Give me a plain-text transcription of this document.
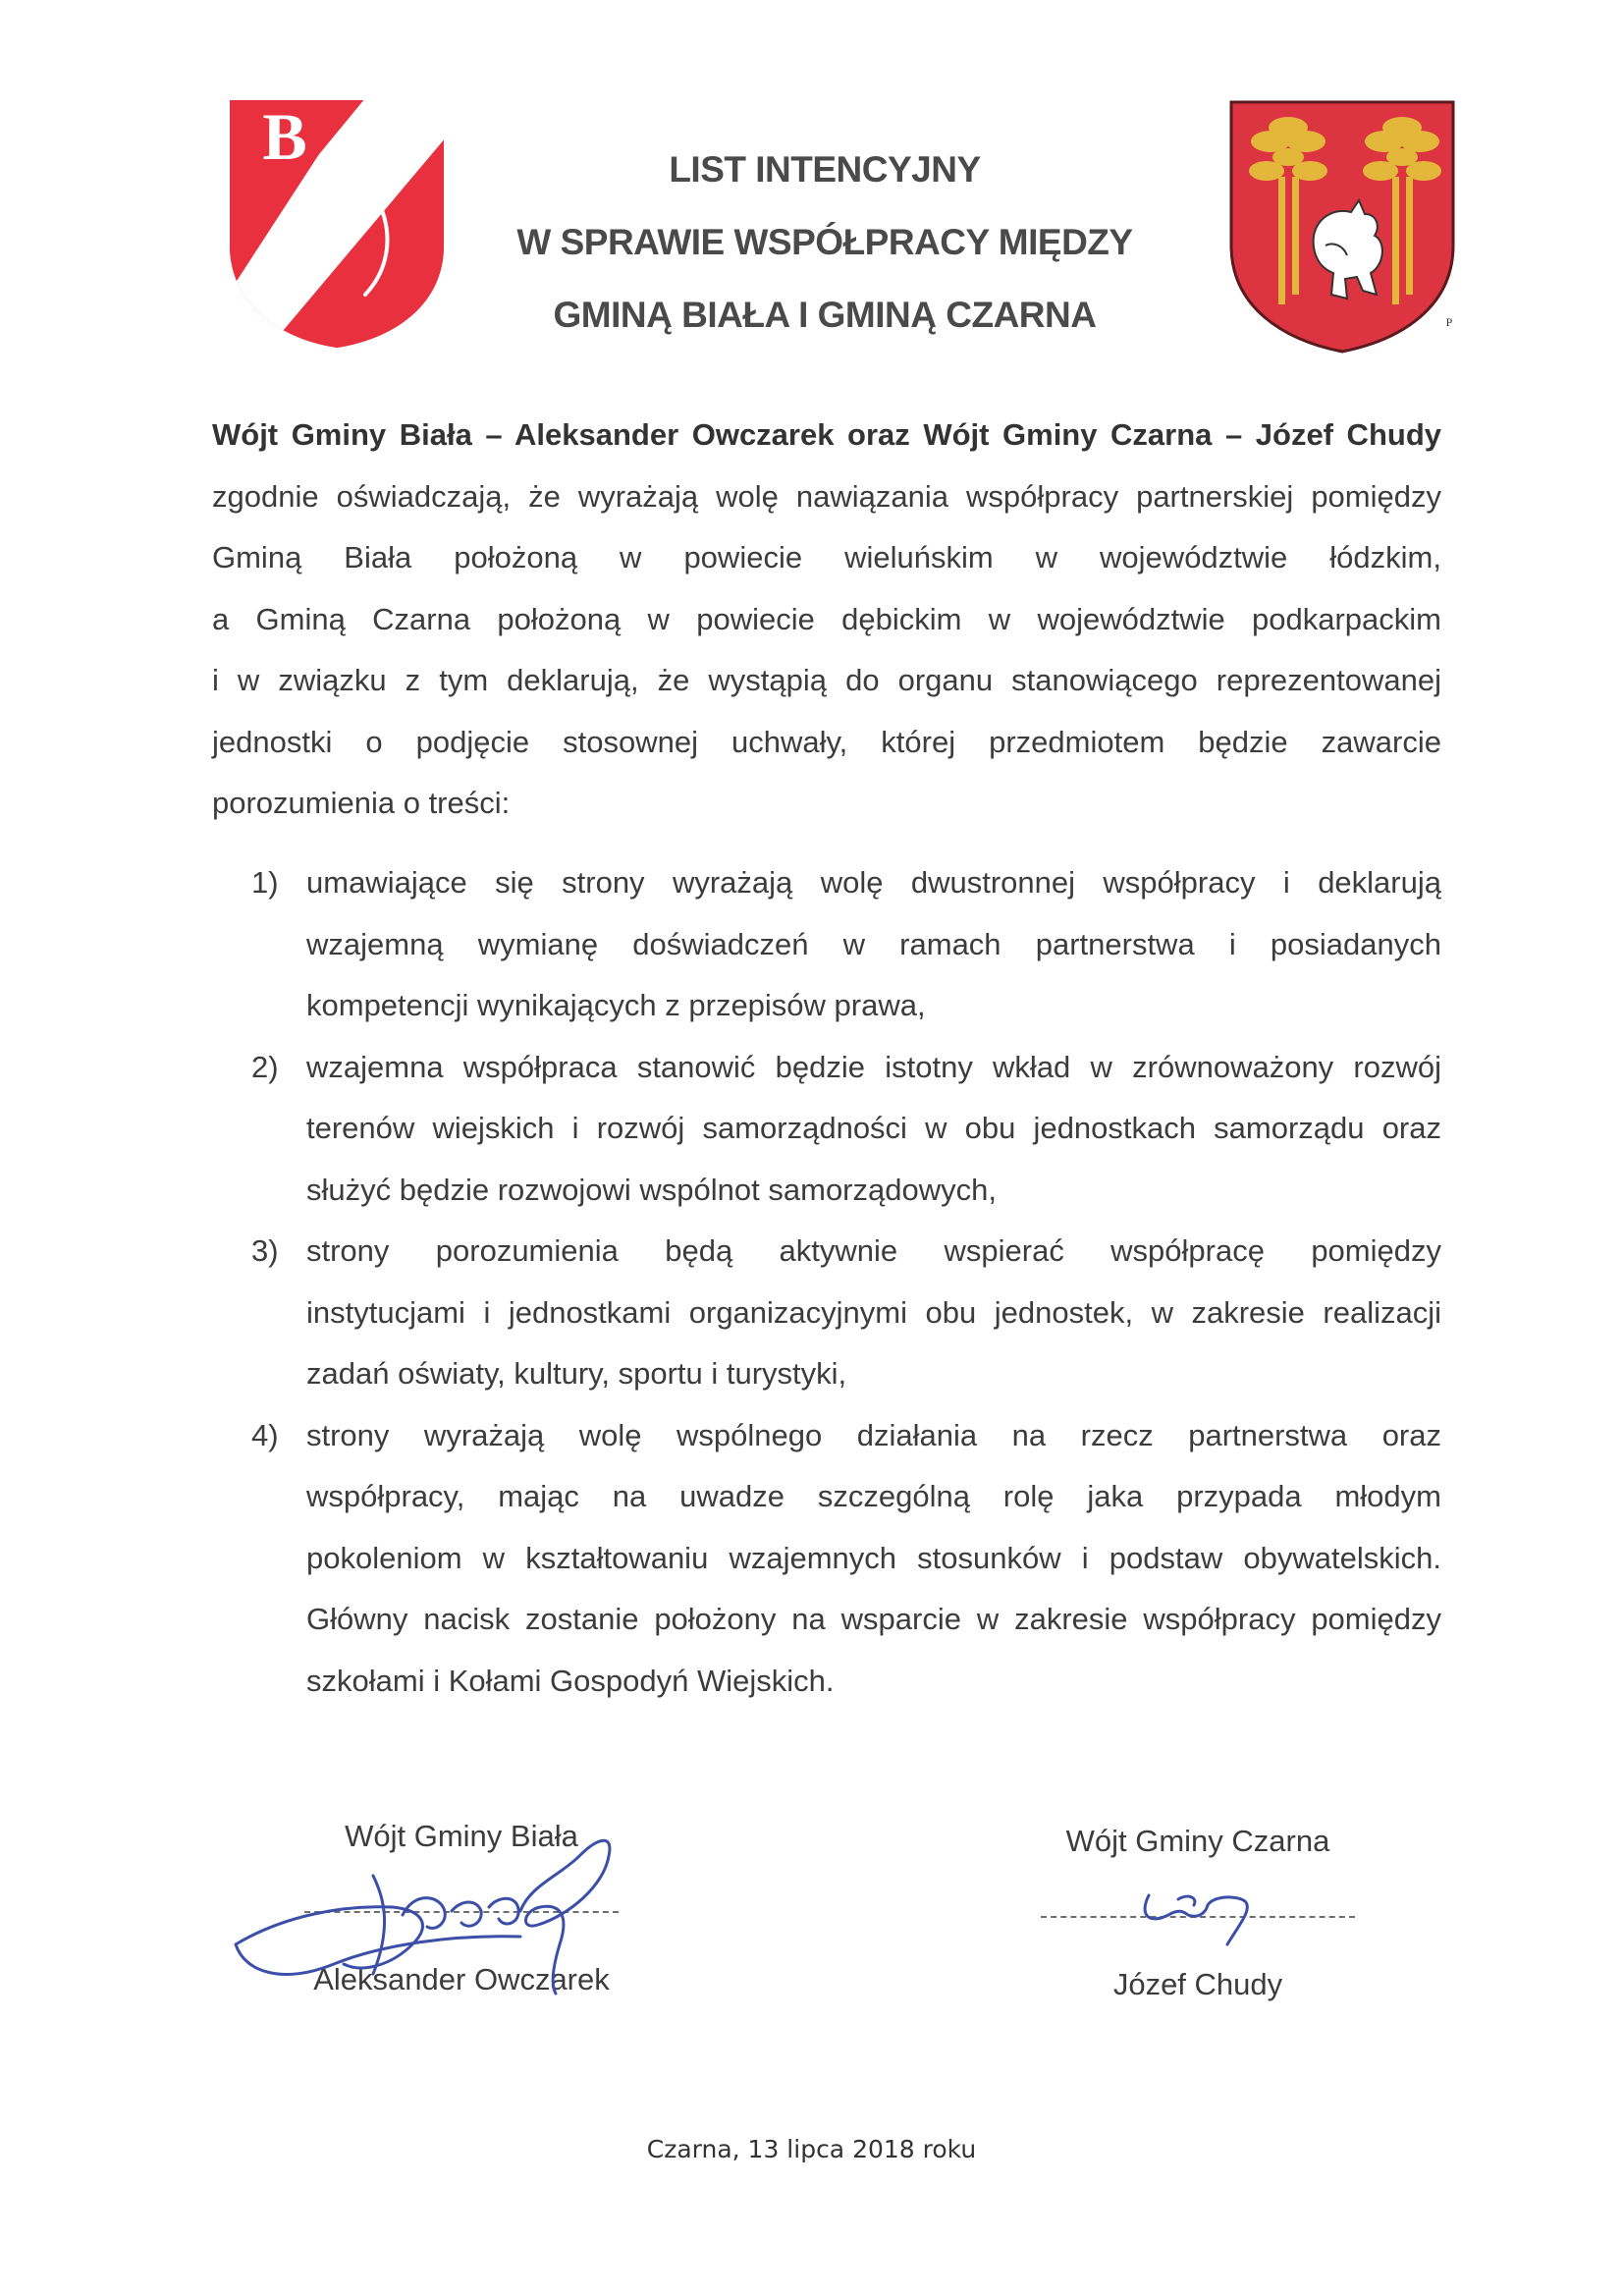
B
P
LIST INTENCYJNY
W SPRAWIE WSPÓŁPRACY MIĘDZY
GMINĄ BIAŁA I GMINĄ CZARNA
Wójt Gminy Biała – Aleksander Owczarek oraz Wójt Gminy Czarna – Józef Chudy
zgodnie oświadczają, że wyrażają wolę nawiązania współpracy partnerskiej pomiędzy
Gminą Biała położoną w powiecie wieluńskim w województwie łódzkim,
a Gminą Czarna położoną w powiecie dębickim w województwie podkarpackim
i w związku z tym deklarują, że wystąpią do organu stanowiącego reprezentowanej
jednostki o podjęcie stosownej uchwały, której przedmiotem będzie zawarcie
porozumienia o treści:
1) umawiające się strony wyrażają wolę dwustronnej współpracy i deklarują
wzajemną wymianę doświadczeń w ramach partnerstwa i posiadanych
kompetencji wynikających z przepisów prawa,
2) wzajemna współpraca stanowić będzie istotny wkład w zrównoważony rozwój
terenów wiejskich i rozwój samorządności w obu jednostkach samorządu oraz
służyć będzie rozwojowi wspólnot samorządowych,
3) strony porozumienia będą aktywnie wspierać współpracę pomiędzy
instytucjami i jednostkami organizacyjnymi obu jednostek, w zakresie realizacji
zadań oświaty, kultury, sportu i turystyki,
4) strony wyrażają wolę wspólnego działania na rzecz partnerstwa oraz
współpracy, mając na uwadze szczególną rolę jaka przypada młodym
pokoleniom w kształtowaniu wzajemnych stosunków i podstaw obywatelskich.
Główny nacisk zostanie położony na wsparcie w zakresie współpracy pomiędzy
szkołami i Kołami Gospodyń Wiejskich.
Wójt Gminy Biała
Aleksander Owczarek
Wójt Gminy Czarna
Józef Chudy
Czarna, 13 lipca 2018 roku
